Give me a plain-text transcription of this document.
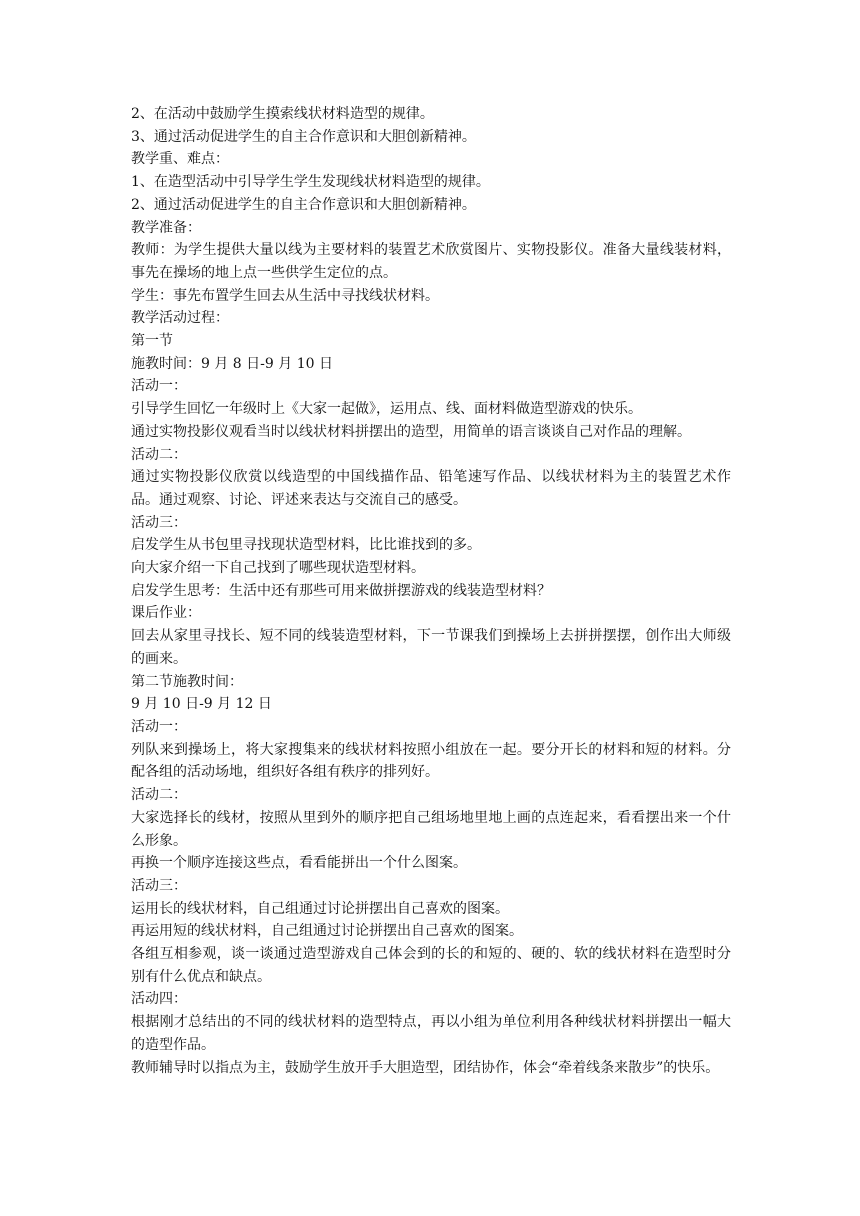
2、在活动中鼓励学生摸索线状材料造型的规律。

3、通过活动促进学生的自主合作意识和大胆创新精神。

教学重、难点：

1、在造型活动中引导学生学生发现线状材料造型的规律。

2、通过活动促进学生的自主合作意识和大胆创新精神。

教学准备：

教师：为学生提供大量以线为主要材料的装置艺术欣赏图片、实物投影仪。准备大量线装材料，事先在操场的地上点一些供学生定位的点。

学生：事先布置学生回去从生活中寻找线状材料。

教学活动过程：

第一节

施教时间：9 月 8 日-9 月 10 日

活动一：

引导学生回忆一年级时上《大家一起做》，运用点、线、面材料做造型游戏的快乐。

通过实物投影仪观看当时以线状材料拼摆出的造型，用简单的语言谈谈自己对作品的理解。

活动二：

通过实物投影仪欣赏以线造型的中国线描作品、铅笔速写作品、以线状材料为主的装置艺术作品。通过观察、讨论、评述来表达与交流自己的感受。

活动三：

启发学生从书包里寻找现状造型材料，比比谁找到的多。

向大家介绍一下自己找到了哪些现状造型材料。

启发学生思考：生活中还有那些可用来做拼摆游戏的线装造型材料？

课后作业：

回去从家里寻找长、短不同的线装造型材料，下一节课我们到操场上去拼拼摆摆，创作出大师级的画来。

第二节施教时间：

9 月 10 日-9 月 12 日

活动一：

列队来到操场上，将大家搜集来的线状材料按照小组放在一起。要分开长的材料和短的材料。分配各组的活动场地，组织好各组有秩序的排列好。

活动二：

大家选择长的线材，按照从里到外的顺序把自己组场地里地上画的点连起来，看看摆出来一个什么形象。

再换一个顺序连接这些点，看看能拼出一个什么图案。

活动三：

运用长的线状材料，自己组通过讨论拼摆出自己喜欢的图案。

再运用短的线状材料，自己组通过讨论拼摆出自己喜欢的图案。

各组互相参观，谈一谈通过造型游戏自己体会到的长的和短的、硬的、软的线状材料在造型时分别有什么优点和缺点。

活动四：

根据刚才总结出的不同的线状材料的造型特点，再以小组为单位利用各种线状材料拼摆出一幅大的造型作品。

教师辅导时以指点为主，鼓励学生放开手大胆造型，团结协作，体会“牵着线条来散步”的快乐。
